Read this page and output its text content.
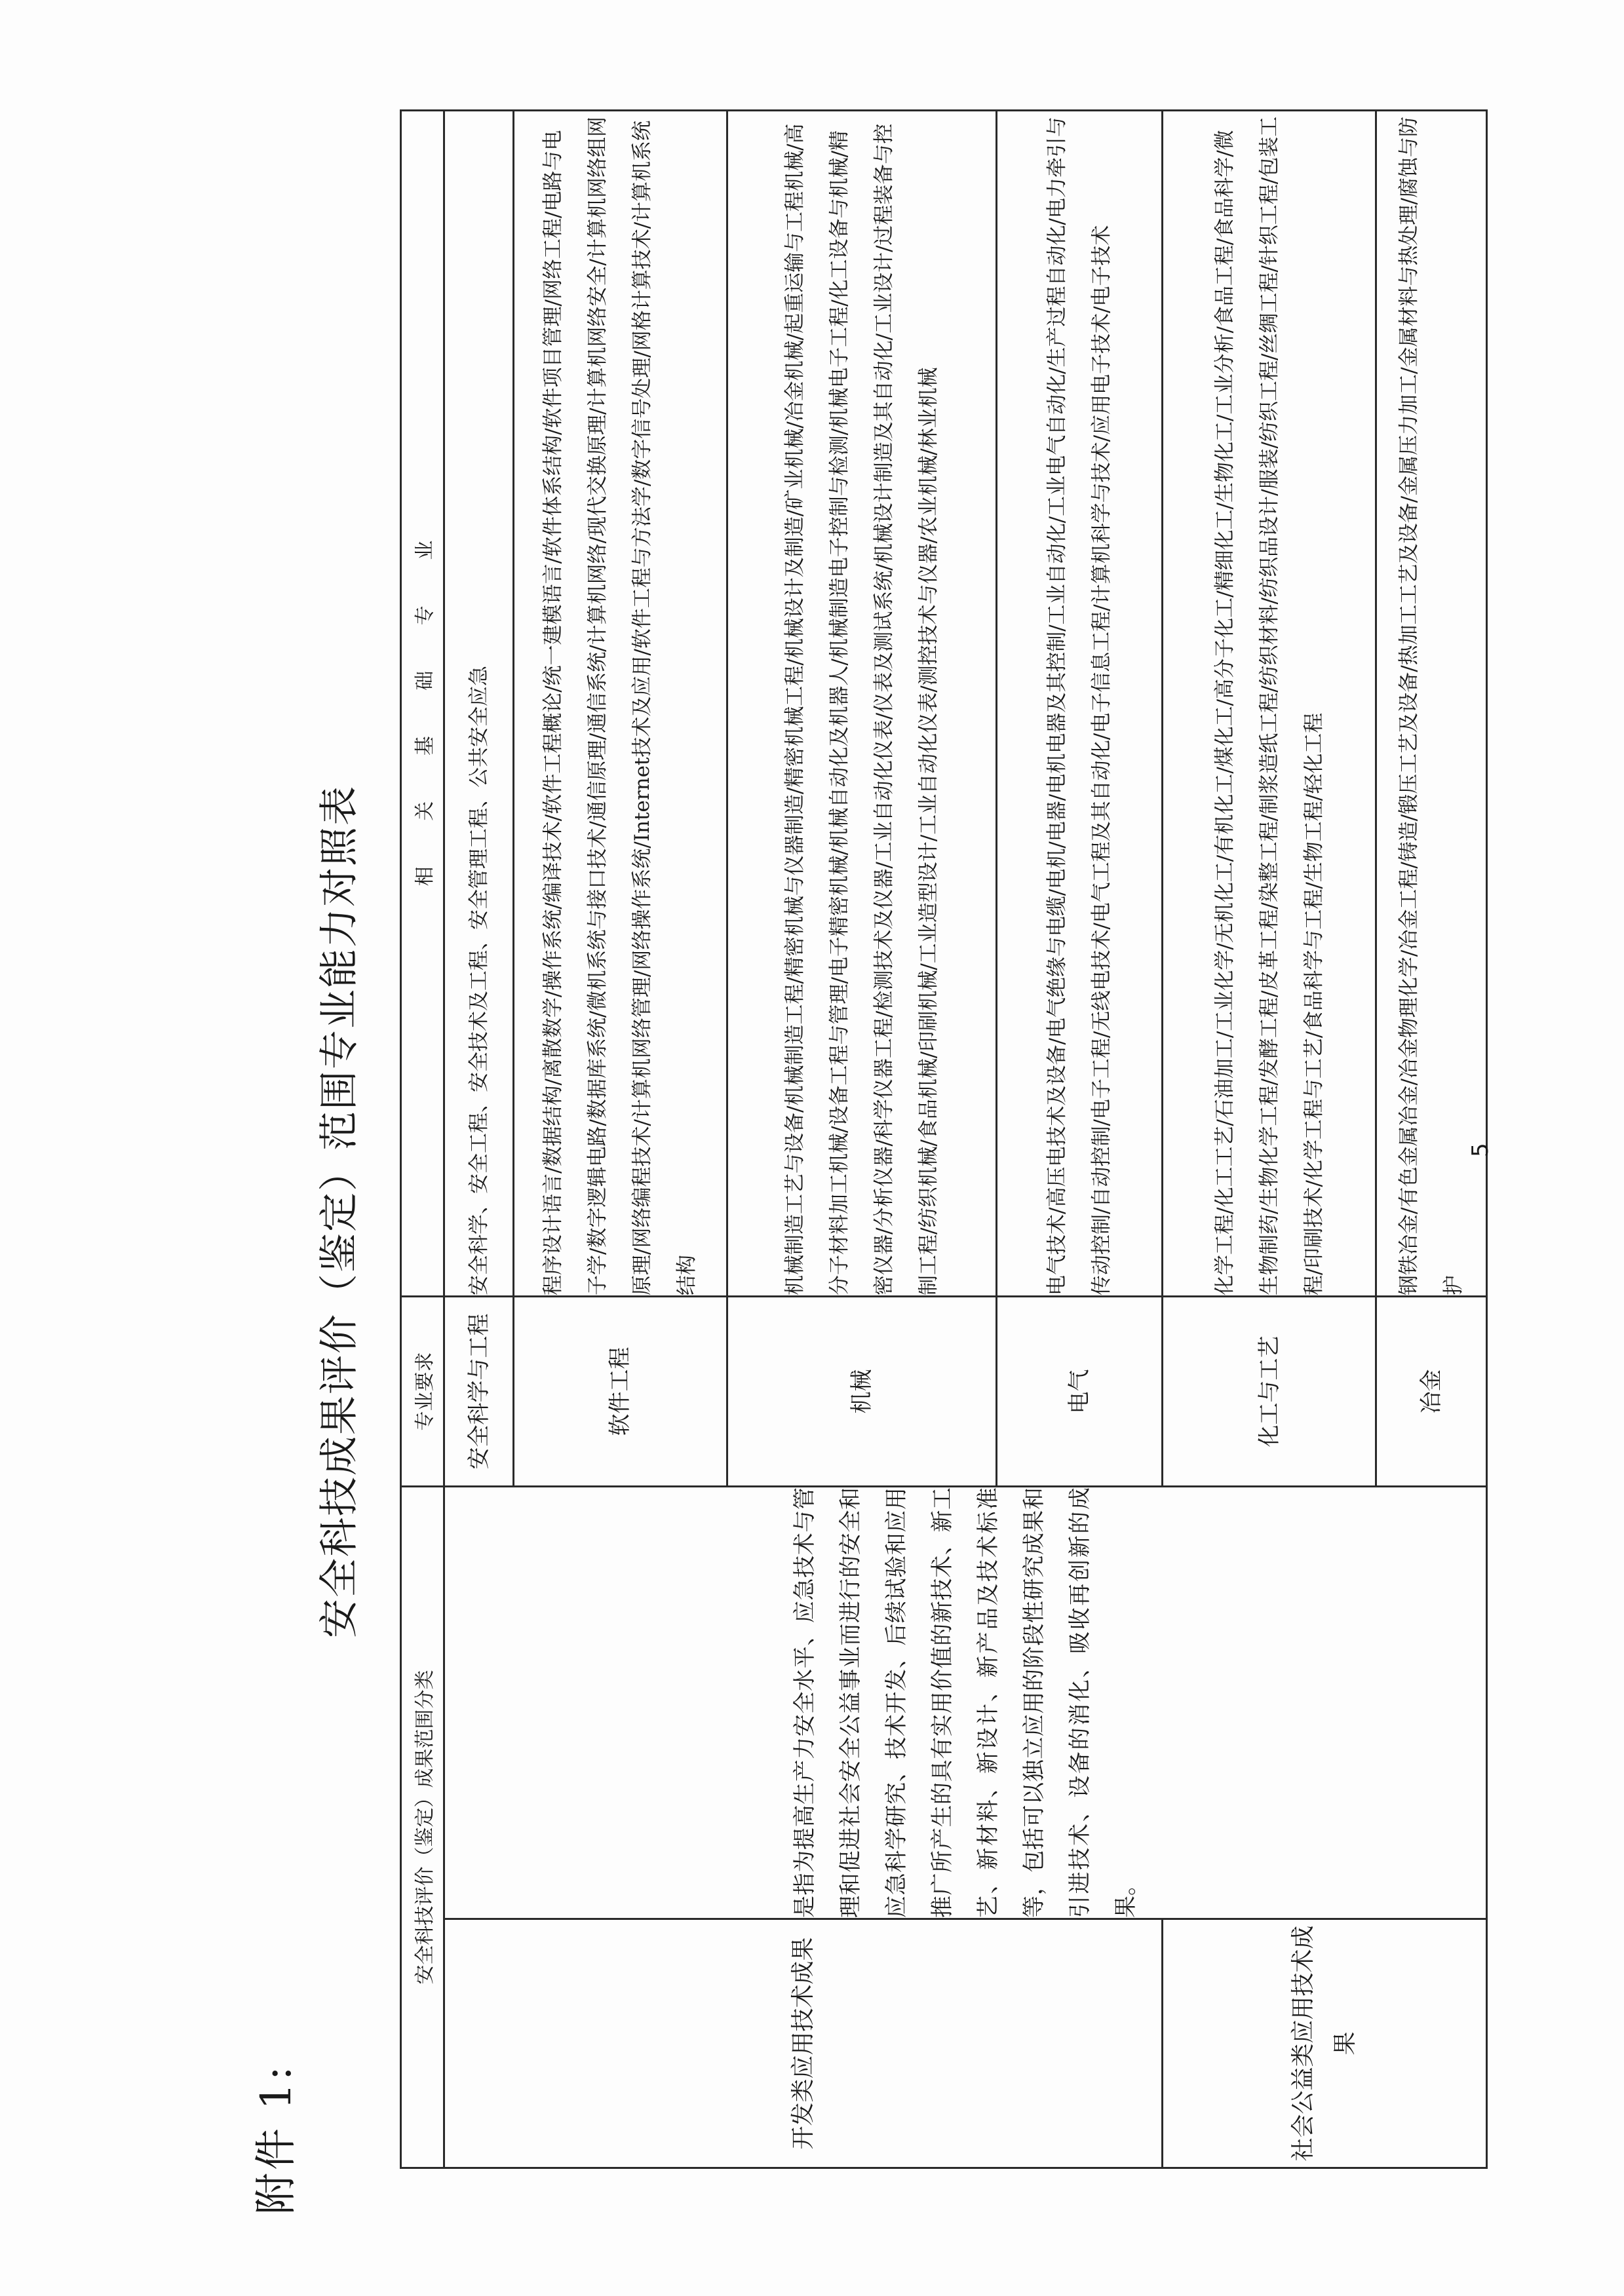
附件 1:
安全科技成果评价（鉴定）范围专业能力对照表
安全科技评价（鉴定）成果范围分类		专业要求	相 关 基 础 专 业
开发类应用技术成果	是指为提高生产力安全水平、应急技术与管理和促进社会安全公益事业而进行的安全和应急科学研究、技术开发、后续试验和应用推广所产生的具有实用价值的新技术、新工艺、新材料、新设计、新产品及技术标准等，包括可以独立应用的阶段性研究成果和引进技术、设备的消化、吸收再创新的成果。	安全科学与工程	安全科学、安全工程、安全技术及工程、安全管理工程、公共安全应急
		软件工程	程序设计语言/数据结构/离散数学/操作系统/编译技术/软件工程概论/统一建模语言/软件体系结构/软件项目管理/网络工程/电路与电子学/数字逻辑电路/数据库系统/微机系统与接口技术/通信原理/通信系统/计算机网络/现代交换原理/计算机网络安全/计算机网络组网原理/网络编程技术/计算机网络管理/网络操作系统/Internet技术及应用/软件工程与方法学/数字信号处理/网格计算技术/计算机系统结构
		机械	机械制造工艺与设备/机械制造工程/精密机械与仪器制造/精密机械工程/机械设计及制造/矿业机械/冶金机械/起重运输与工程机械/高分子材料加工机械/设备工程与管理/电子精密机械/机械自动化及机器人/机械制造电子控制与检测/机械电子工程/化工设备与机械/精密仪器/分析仪器/科学仪器工程/检测技术及仪器/工业自动化仪表/仪表及测试系统/机械设计制造及其自动化/工业设计/过程装备与控制工程/纺织机械/食品机械/印刷机械/工业造型设计/工业自动化仪表/测控技术与仪器/农业机械/林业机械
		电气	电气技术/高压电技术及设备/电气绝缘与电缆/电机/电器/电机电器及其控制/工业自动化/工业电气自动化/生产过程自动化/电力牵引与传动控制/自动控制/电子工程/无线电技术/电气工程及其自动化/电子信息工程/计算机科学与技术/应用电子技术/电子技术
社会公益类应用技术成果		化工与工艺	化学工程/化工工艺/石油加工/工业化学/无机化工/有机化工/煤化工/高分子化工/精细化工/生物化工/工业分析/食品工程/食品科学/微生物制药/生物化学工程/发酵工程/皮革工程/染整工程/制浆造纸工程/纺织材料/纺织品设计/服装/纺织工程/丝绸工程/针织工程/包装工程/印刷技术/化学工程与工艺/食品科学与工程/生物工程/轻化工程
		冶金	钢铁冶金/有色金属冶金/冶金物理化学/冶金工程/铸造/锻压工艺及设备/热加工工艺及设备/金属压力加工/金属材料与热处理/腐蚀与防护
5
